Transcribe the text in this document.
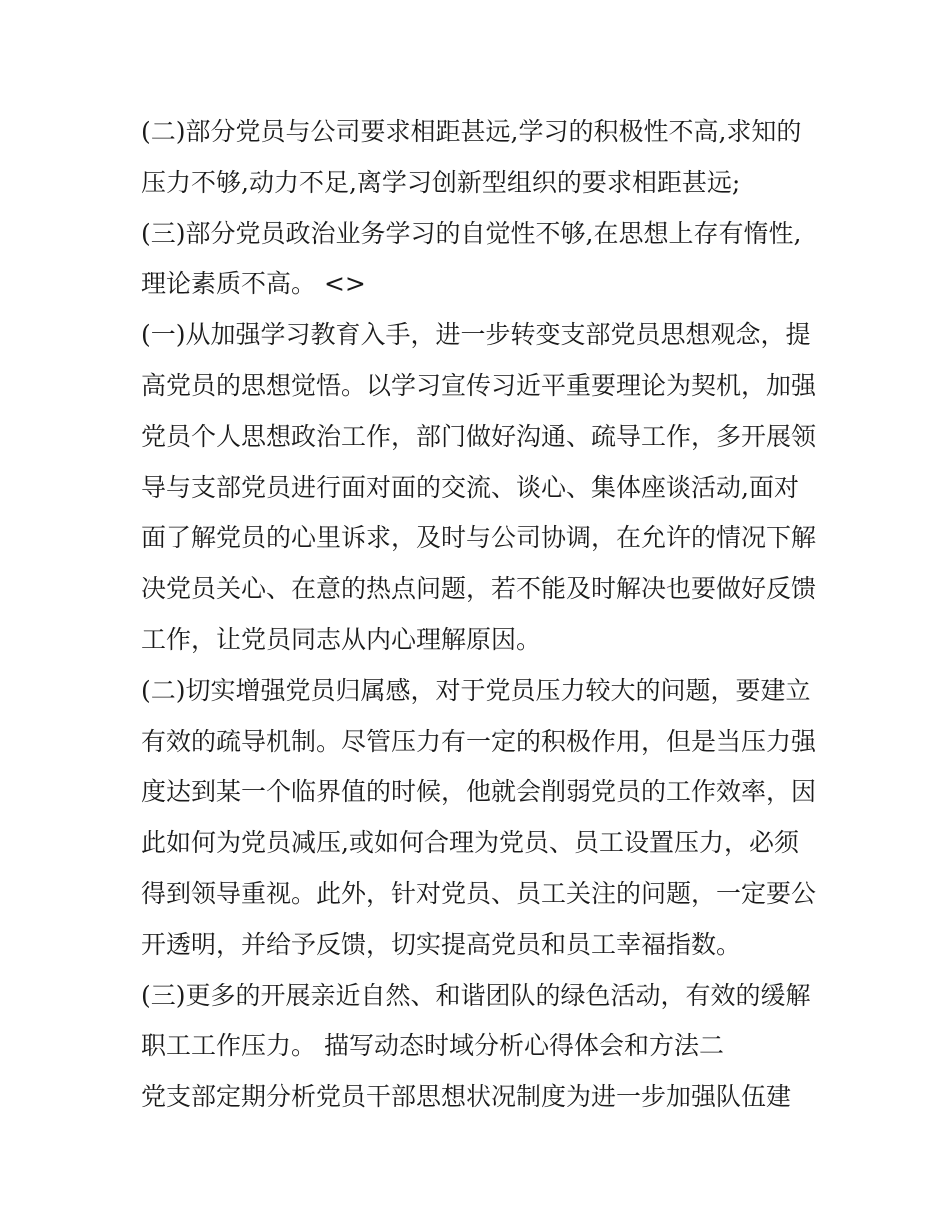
(二)部分党员与公司要求相距甚远,学习的积极性不高,求知的
压力不够,动力不足,离学习创新型组织的要求相距甚远;
(三)部分党员政治业务学习的自觉性不够,在思想上存有惰性,
理论素质不高。 <>
(一)从加强学习教育入手，进一步转变支部党员思想观念，提
高党员的思想觉悟。以学习宣传习近平重要理论为契机，加强
党员个人思想政治工作，部门做好沟通、疏导工作，多开展领
导与支部党员进行面对面的交流、谈心、集体座谈活动,面对
面了解党员的心里诉求，及时与公司协调，在允许的情况下解
决党员关心、在意的热点问题，若不能及时解决也要做好反馈
工作，让党员同志从内心理解原因。
(二)切实增强党员归属感，对于党员压力较大的问题，要建立
有效的疏导机制。尽管压力有一定的积极作用，但是当压力强
度达到某一个临界值的时候，他就会削弱党员的工作效率，因
此如何为党员减压,或如何合理为党员、员工设置压力，必须
得到领导重视。此外，针对党员、员工关注的问题，一定要公
开透明，并给予反馈，切实提高党员和员工幸福指数。
(三)更多的开展亲近自然、和谐团队的绿色活动，有效的缓解
职工工作压力。 描写动态时域分析心得体会和方法二
党支部定期分析党员干部思想状况制度为进一步加强队伍建
